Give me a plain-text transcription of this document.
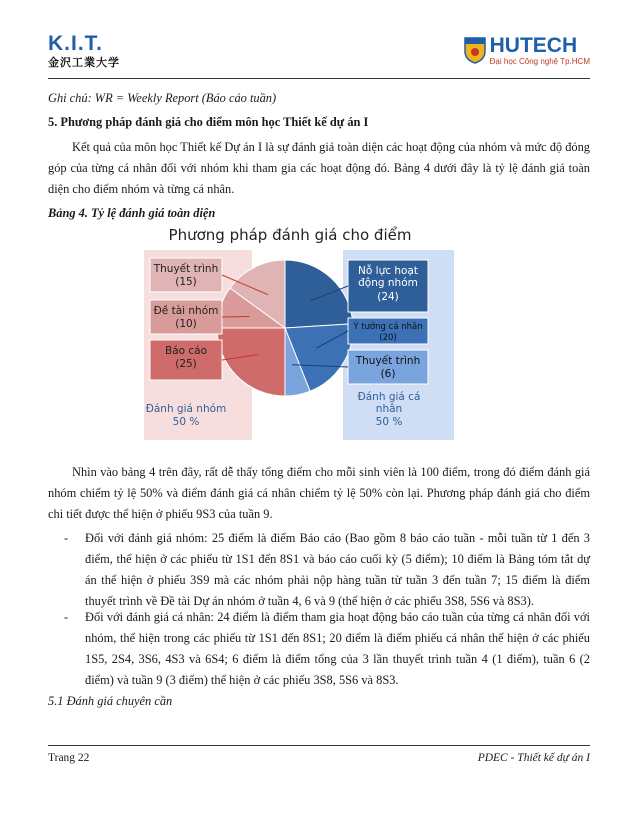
K.I.T.
金沢工業大学
HUTECH
Đại học Công nghệ Tp.HCM
Ghi chú: WR = Weekly Report (Báo cáo tuần)
5. Phương pháp đánh giá cho điểm môn học Thiết kế dự án I
Kết quả của môn học Thiết kế Dự án I là sự đánh giá toàn diện các hoạt động của nhóm và mức độ đóng góp của từng cá nhân đối với nhóm khi tham gia các hoạt động đó. Bảng 4 dưới đây là tỷ lệ đánh giá toàn diện cho điểm nhóm và từng cá nhân.
Bảng 4. Tỷ lệ đánh giá toàn diện
Phương pháp đánh giá cho điểm
Thuyết trình
(15)
Đề tài nhóm
(10)
Báo cáo
(25)
Nỗ lực hoạt
động nhóm
(24)
Ý tưởng cá nhân
(20)
Thuyết trình
(6)
Đánh giá nhóm
50 %
Đánh giá cá
nhân
50 %
Nhìn vào bảng 4 trên đây, rất dễ thấy tổng điểm cho mỗi sinh viên là 100 điểm, trong đó điểm đánh giá nhóm chiếm tỷ lệ 50% và điểm đánh giá cá nhân chiếm tỷ lệ 50% còn lại. Phương pháp đánh giá cho điểm chi tiết được thể hiện ở phiếu 9S3 của tuần 9.
- Đối với đánh giá nhóm: 25 điểm là điểm Báo cáo (Bao gồm 8 báo cáo tuần - mỗi tuần từ 1 đến 3 điểm, thể hiện ở các phiếu từ 1S1 đến 8S1 và báo cáo cuối kỳ (5 điểm); 10 điểm là Bảng tóm tắt dự án thể hiện ở phiếu 3S9 mà các nhóm phải nộp hàng tuần từ tuần 3 đến tuần 7; 15 điểm là điểm thuyết trình về Đề tài Dự án nhóm ở tuần 4, 6 và 9 (thể hiện ở các phiếu 3S8, 5S6 và 8S3).
- Đối với đánh giá cá nhân: 24 điểm là điểm tham gia hoạt động báo cáo tuần của từng cá nhân đối với nhóm, thể hiện trong các phiếu từ 1S1 đến 8S1; 20 điểm là điểm phiếu cá nhân thể hiện ở các phiếu 1S5, 2S4, 3S6, 4S3 và 6S4; 6 điểm là điểm tổng của 3 lần thuyết trình tuần 4 (1 điểm), tuần 6 (2 điểm) và tuần 9 (3 điểm) thể hiện ở các phiếu 3S8, 5S6 và 8S3.
5.1 Đánh giá chuyên cần
Trang 22	PDEC - Thiết kế dự án I
